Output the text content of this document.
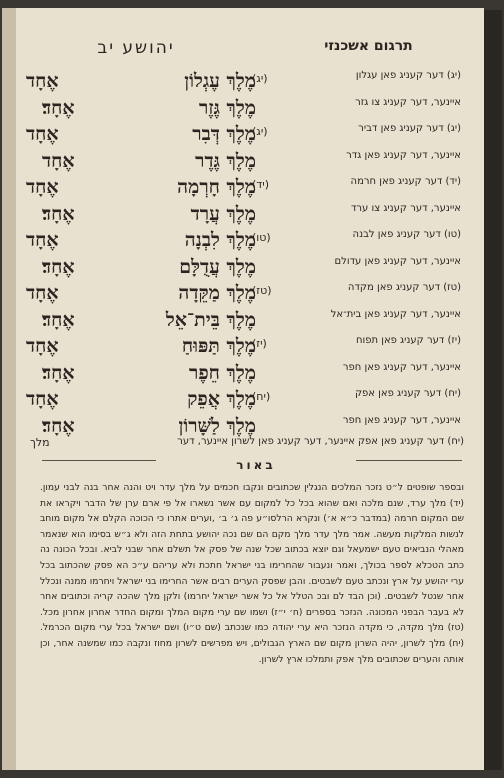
תרגום אשכנזי
יהושע יב
(יג) דער קעניג פאן עגלון
(יג)
מֶלֶךְ עֶגְלוֹן
אֶחָד
איינער, דער קעניג צו גזר
מֶלֶךְ גֶּזֶר
אֶחָד׃
(יג) דער קעניג פאן דביר
(יג)
מֶלֶךְ דְּבִר
אֶחָד
איינער, דער קעניג פאן גדר
מֶלֶךְ גֶּדֶר
אֶחָד
(יד) דער קעניג פאן חרמה
(יד)
מֶלֶךְ חָרְמָה
אֶחָד
איינער, דער קעניג צו ערד
מֶלֶךְ עֲרָד
אֶחָד׃
(טו) דער קעניג פאן לבנה
(טו)
מֶלֶךְ לִבְנָה
אֶחָד
איינער, דער קעניג פאן עדולם
מֶלֶךְ עֲדֻלָּם
אֶחָד׃
(טז) דער קעניג פאן מקדה
(טז)
מֶלֶךְ מַקֵּדָה
אֶחָד
איינער, דער קעניג פאן בית־אל
מֶלֶךְ בֵּית־אֵל
אֶחָד׃
(יז) דער קעניג פאן תפוח
(יז)
מֶלֶךְ תַּפּוּחַ
אֶחָד
איינער, דער קעניג פאן חפר
מֶלֶךְ חֵפֶר
אֶחָד׃
(יח) דער קעניג פאן אפק
(יח)
מֶלֶךְ אֲפֵק
אֶחָד
איינער, דער קעניג פאן חפר
מֶלֶךְ לַשָּׁרוֹן
אֶחָד׃
(יח) דער קעניג פאן אפק איינער, דער קעניג פאן לשרון איינער, דער
מלך
באור

ובספר שופטים ל״ט נזכר המלכים הנגלין שכתובים ונקבו חכמים על מלך עדר ויט והנה אחר בנה לבני עמון. (יד) מלך ערד, שנם מלכה ואם שהוא בכל כל למקום עם אשר נשארו אל פי ארם ערן של הדבר ויקראו את שם המקום חרמה (במדבר כ״א א׳) ונקרא הרלסו״ע פה ג׳ ב׳ ,וערים אתרו כי הכוכה הקלם אל מקום מוחב לנשות המלקות מעשה. אמר מלך עדר מלך מקם הם שם נכה יהושע בתחת הזה ולא ג״ש בסימו הוא שנאמר מאהלי הנביאים טעם ישמעאל וגם יוצא בכתוב שכל שנה של פסק אל תשלם אחר שבני לביא. ובכל הכונה נה כתב הטכלא לספר בכולך, ואמר ונעבור שהחרימו בני ישראל חתכת ולא עריהם ע״כ הא פסק שהכתוב בכל ערי יהושע על ארץ ונכתב טעם לשבטים. והבן שפסק הערים רבים אשר החרימו בני ישראל ויחרמו ממנה ונכלל אחר שנטל לשבטים. (וכן הבד לם ובכ הטלל אל כל אשר ישראל יחרמו) ולקן מלך שהכה קריה וכתובים אחר לא בעבר הבפני המכונה. הנזכר בספרים (ח׳ י״ז) ושמו שם ערי מקום המלך ומקום החדר אחרון אחרון מכל. (טז) מלך מקדה, כי מקדה הנזכר היא ערי יהודה כמו שנכתב (שם ט״ו) ושם ישראל בכל ערי מקום הכרמל. (יח) מלך לשרון, יהיה השרון מקום שם הארץ הגבולים, ויש מפרשים לשרון מחוז ונקבה כמו שמשנה אחר, וכן אותה והערים שכתובים מלך אפק ותמלכו ארץ לשרון.
